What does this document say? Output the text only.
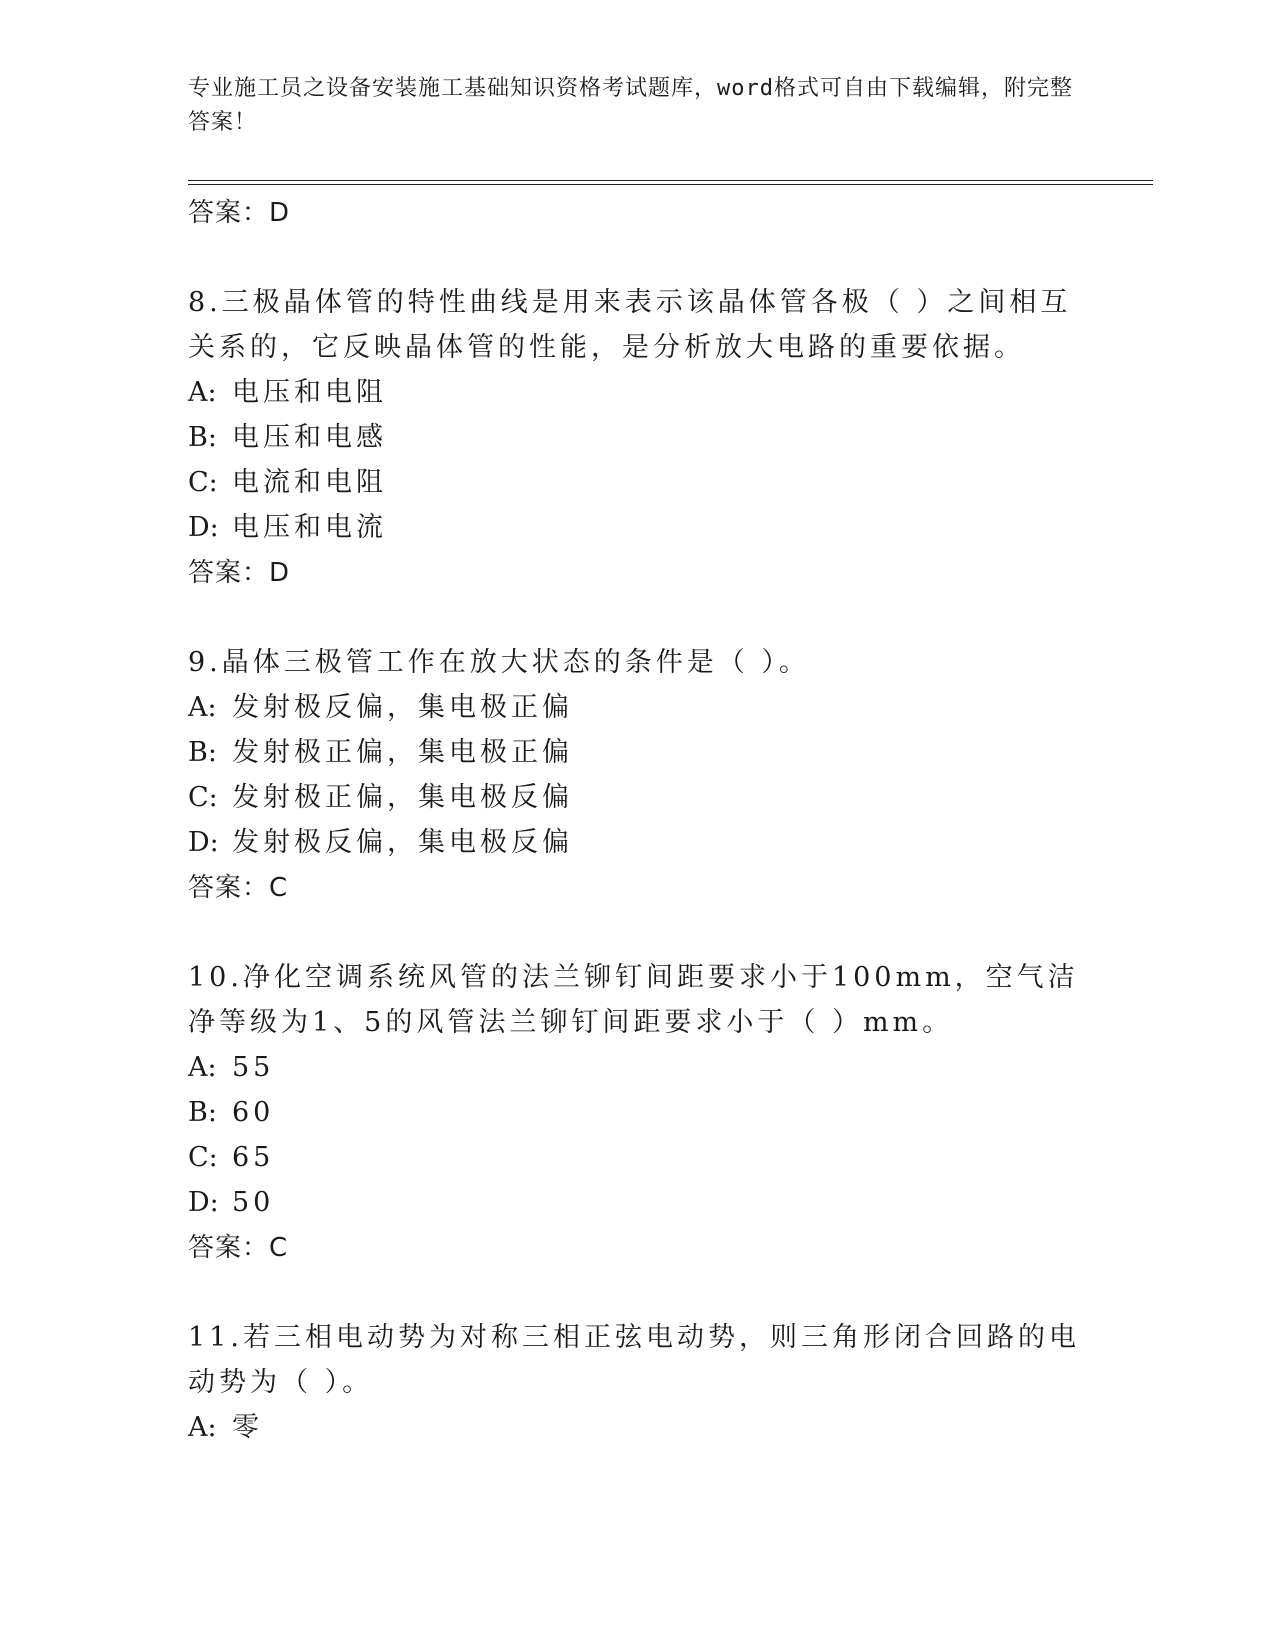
专业施工员之设备安装施工基础知识资格考试题库，word格式可自由下载编辑，附完整答案！
答案：D
8.三极晶体管的特性曲线是用来表示该晶体管各极（ ）之间相互关系的，它反映晶体管的性能，是分析放大电路的重要依据。
A: 电压和电阻
B: 电压和电感
C: 电流和电阻
D: 电压和电流
答案：D
9.晶体三极管工作在放大状态的条件是（ ）。
A: 发射极反偏，集电极正偏
B: 发射极正偏，集电极正偏
C: 发射极正偏，集电极反偏
D: 发射极反偏，集电极反偏
答案：C
10.净化空调系统风管的法兰铆钉间距要求小于100mm，空气洁净等级为1、5的风管法兰铆钉间距要求小于（ ）mm。
A: 55
B: 60
C: 65
D: 50
答案：C
11.若三相电动势为对称三相正弦电动势，则三角形闭合回路的电动势为（ ）。
A: 零
